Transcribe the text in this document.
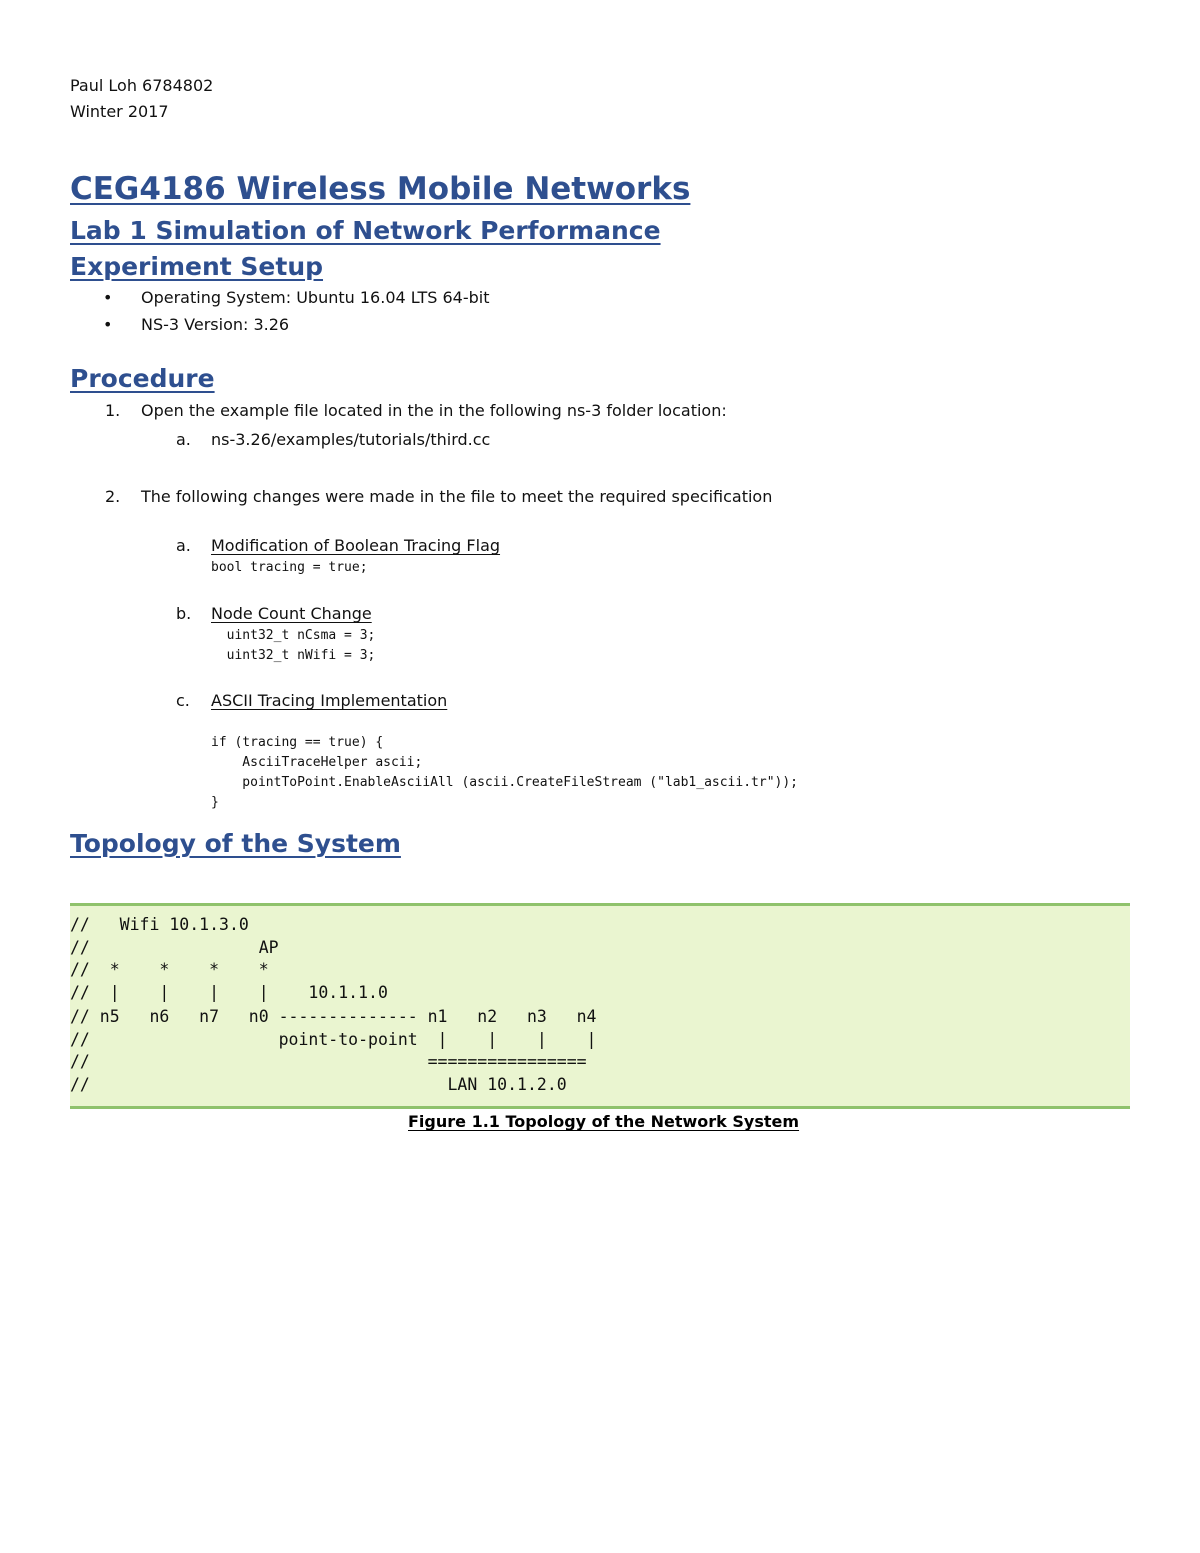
Paul Loh 6784802
Winter 2017
CEG4186 Wireless Mobile Networks
Lab 1 Simulation of Network Performance
Experiment Setup
• Operating System: Ubuntu 16.04 LTS 64-bit
• NS-3 Version: 3.26
Procedure
1. Open the example file located in the in the following ns-3 folder location:
a. ns-3.26/examples/tutorials/third.cc
2. The following changes were made in the file to meet the required specification
a. Modification of Boolean Tracing Flag
bool tracing = true;
b. Node Count Change
uint32_t nCsma = 3;
uint32_t nWifi = 3;
c. ASCII Tracing Implementation
if (tracing == true) {
AsciiTraceHelper ascii;
pointToPoint.EnableAsciiAll (ascii.CreateFileStream ("lab1_ascii.tr"));
}
Topology of the System
//   Wifi 10.1.3.0
//                 AP
//  *    *    *    *
//  |    |    |    |    10.1.1.0
// n5   n6   n7   n0 -------------- n1   n2   n3   n4
//                   point-to-point  |    |    |    |
//                                  ================
//                                    LAN 10.1.2.0
Figure 1.1 Topology of the Network System
